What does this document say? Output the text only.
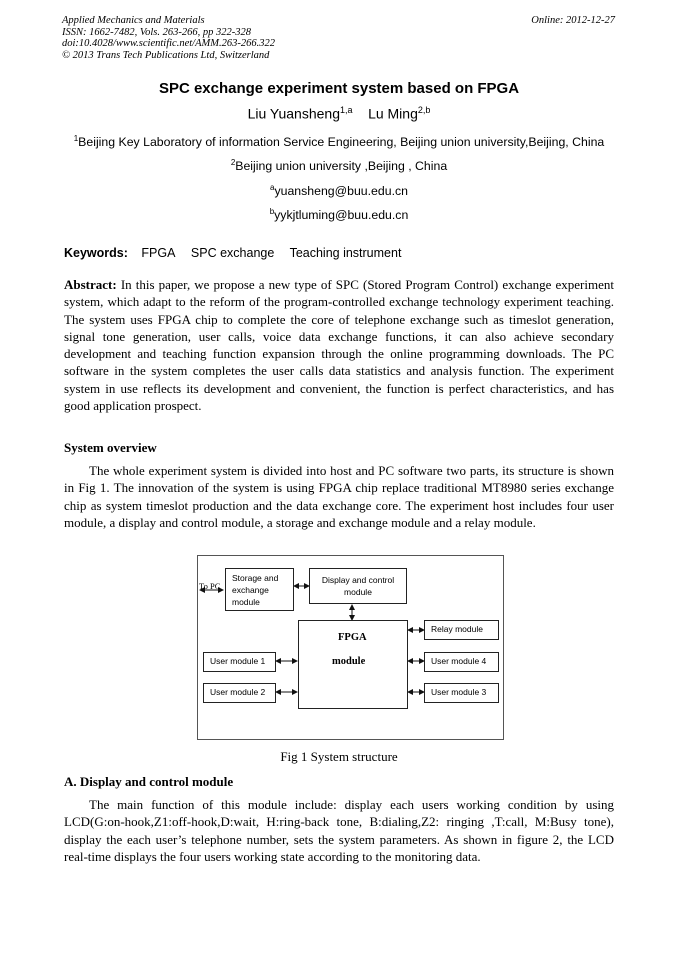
Applied Mechanics and Materials
ISSN: 1662-7482, Vols. 263-266, pp 322-328
doi:10.4028/www.scientific.net/AMM.263-266.322
© 2013 Trans Tech Publications Ltd, Switzerland
Online: 2012-12-27
SPC exchange experiment system based on FPGA
Liu Yuansheng$^{1,a}$ Lu Ming$^{2,b}$
$^1$Beijing Key Laboratory of information Service Engineering, Beijing union university,Beijing, China
$^2$Beijing union university ,Beijing , China
$^a$yuansheng@buu.edu.cn
$^b$yykjtluming@buu.edu.cn
Keywords: FPGA SPC exchange Teaching instrument
Abstract: In this paper, we propose a new type of SPC (Stored Program Control) exchange experiment system, which adapt to the reform of the program-controlled exchange technology experiment teaching. The system uses FPGA chip to complete the core of telephone exchange such as timeslot generation, signal tone generation, user calls, voice data exchange functions, it can also achieve secondary development and teaching function expansion through the online programming downloads. The PC software in the system completes the user calls data statistics and analysis function. The experiment system in use reflects its development and convenient, the function is perfect characteristics, and has good application prospect.
System overview
The whole experiment system is divided into host and PC software two parts, its structure is shown in Fig 1. The innovation of the system is using FPGA chip replace traditional MT8980 series exchange chip as system timeslot production and the data exchange core. The experiment host includes four user module, a display and control module, a storage and exchange module and a relay module.
To PC
Storage and exchange module
Display and control module
FPGA
module
Relay module
User module 1
User module 2
User module 4
User module 3
Fig 1 System structure
A. Display and control module
The main function of this module include: display each users working condition by using LCD(G:on-hook,Z1:off-hook,D:wait, H:ring-back tone, B:dialing,Z2: ringing ,T:call, M:Busy tone), display the each user’s telephone number, sets the system parameters. As shown in figure 2, the LCD real-time displays the four users working state according to the monitoring data.
